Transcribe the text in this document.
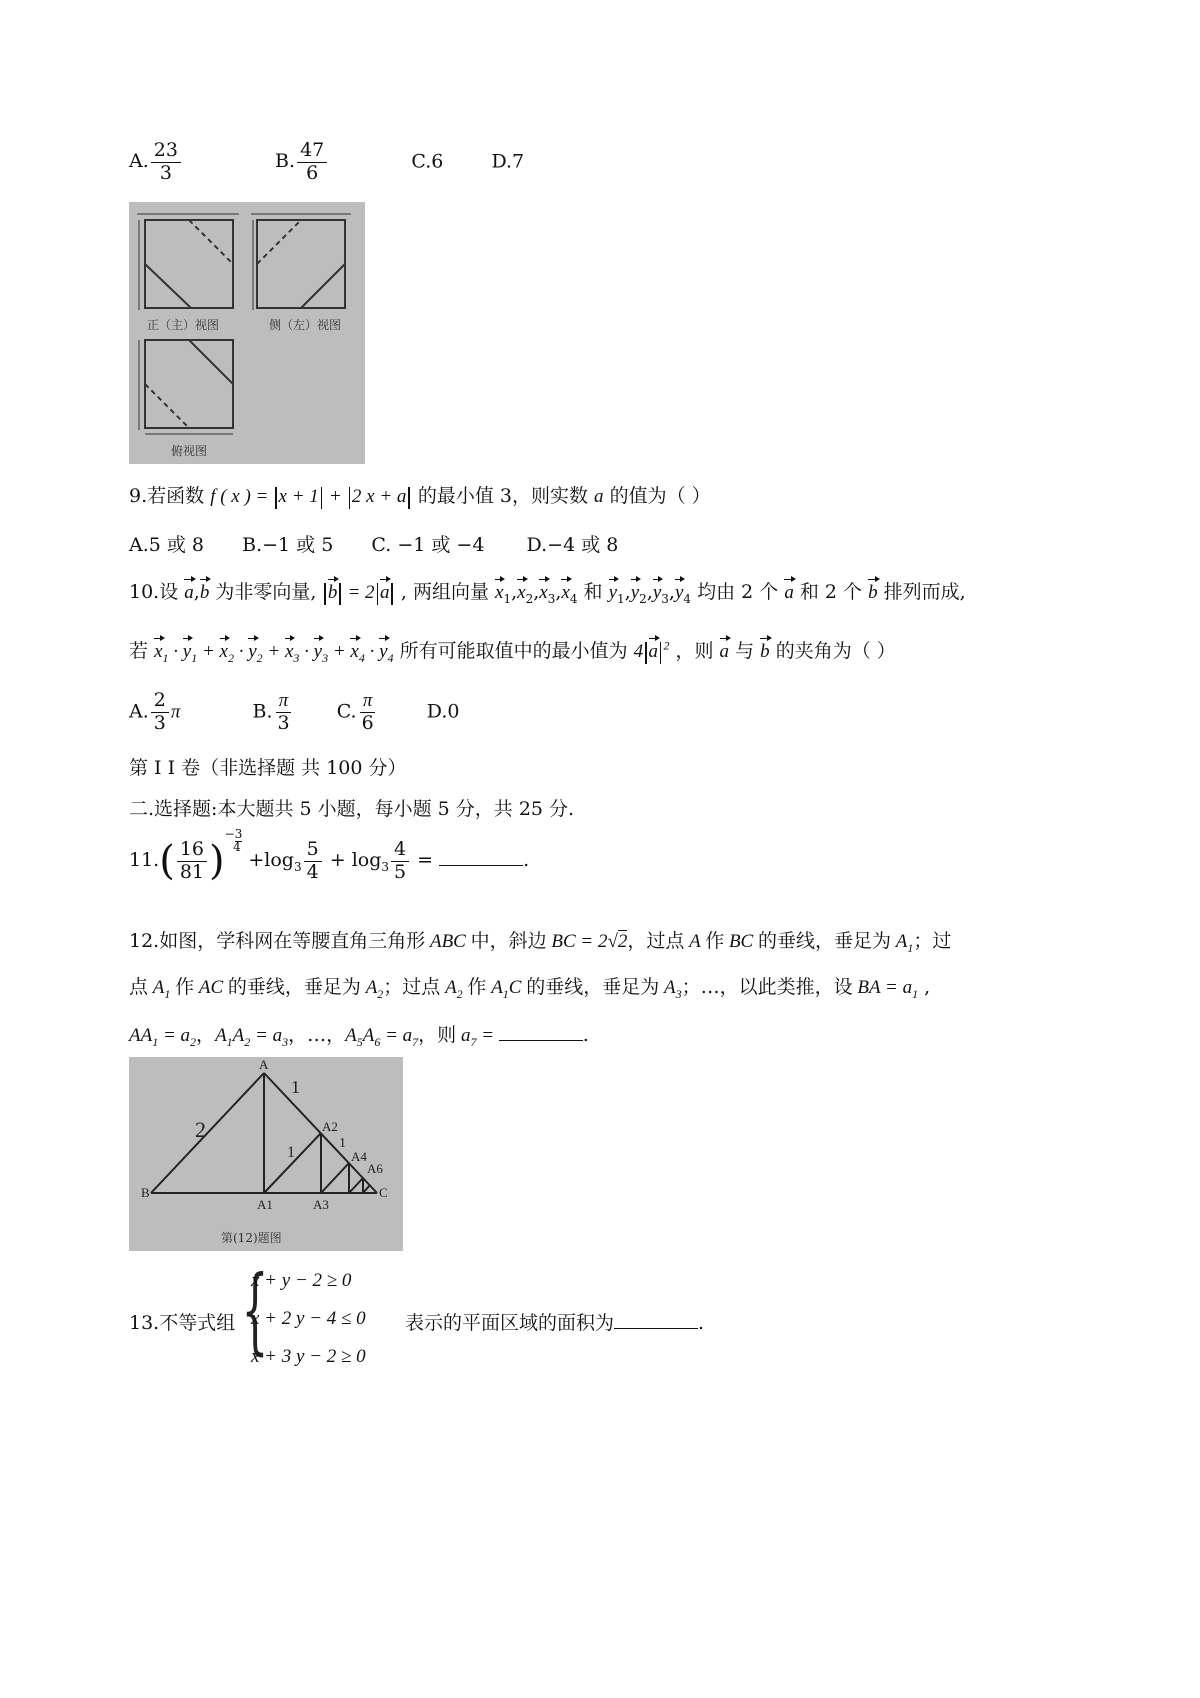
A. $\frac{23}{3}$	B. $\frac{47}{6}$	C.6	D.7
正（主）视图	侧（左）视图
俯视图
9.若函数 f ( x ) = x + 1 + 2 x + a 的最小值 3，则实数 a 的值为（ ）
A.5 或 8 B.−1 或 5 C. −1 或 −4 D.−4 或 8
10.设 a,b 为非零向量, b = 2 a , 两组向量 $x_1,x_2,x_3,x_4$ 和 $y_1,y_2,y_3,y_4$ 均由 2 个 a 和 2 个 b 排列而成,
若 $x_1 \cdot y_1 + x_2 \cdot y_2 + x_3 \cdot y_3 + x_4 \cdot y_4$ 所有可能取值中的最小值为 4 a $^2$ ，则 a 与 b 的夹角为（ ）
A. $\frac{2}{3}$ π	B. $\frac{\pi}{3} C$. $\frac{\pi}{6}$	D.0
第 I I 卷（非选择题 共 100 分）
二.选择题:本大题共 5 小题，每小题 5 分，共 25 分.
$11.( \frac{16}{81}$ )
−3
4
$+\log_3 \frac{5}{4} + \log_3 \frac{4}{5}$ =	.
12.如图，学科网在等腰直角三角形 ABC 中，斜边 BC = 2√2，过点 A 作 BC 的垂线，垂足为 $A_1$；过
点 $A_1$ 作 AC 的垂线，垂足为 $A_2$；过点 $A_2$ 作 $A_1C$ 的垂线，垂足为 $A_3$；…，以此类推，设 BA = $a_1$ ,
$AA_1 = a_2$，$A_1A_2 = a_3$，…，$A_5A_6 = a_7$，则 $a_7$ =	.
A
B	C
A1	A3
A2
A4
A6
2
1
1
1
第(12)题图
13.不等式组 {
x + y − 2 ≥ 0
x + 2 y − 4 ≤ 0
x + 3 y − 2 ≥ 0
表示的平面区域的面积为	.
